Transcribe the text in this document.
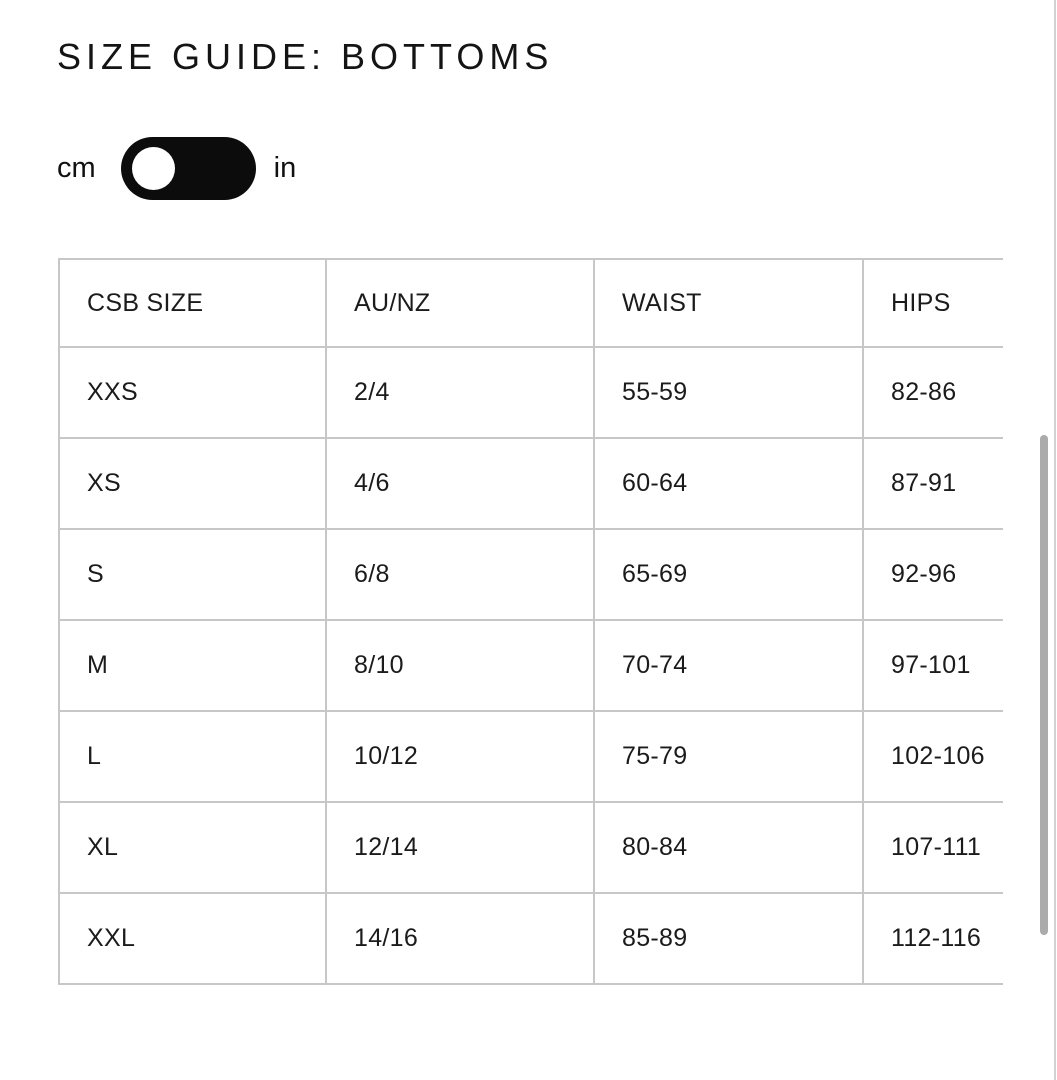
SIZE GUIDE: BOTTOMS
cm	in
CSB SIZE	AU/NZ	WAIST	HIPS
XXS	2/4	55-59	82-86
XS	4/6	60-64	87-91
S	6/8	65-69	92-96
M	8/10	70-74	97-101
L	10/12	75-79	102-106
XL	12/14	80-84	107-111
XXL	14/16	85-89	112-116
